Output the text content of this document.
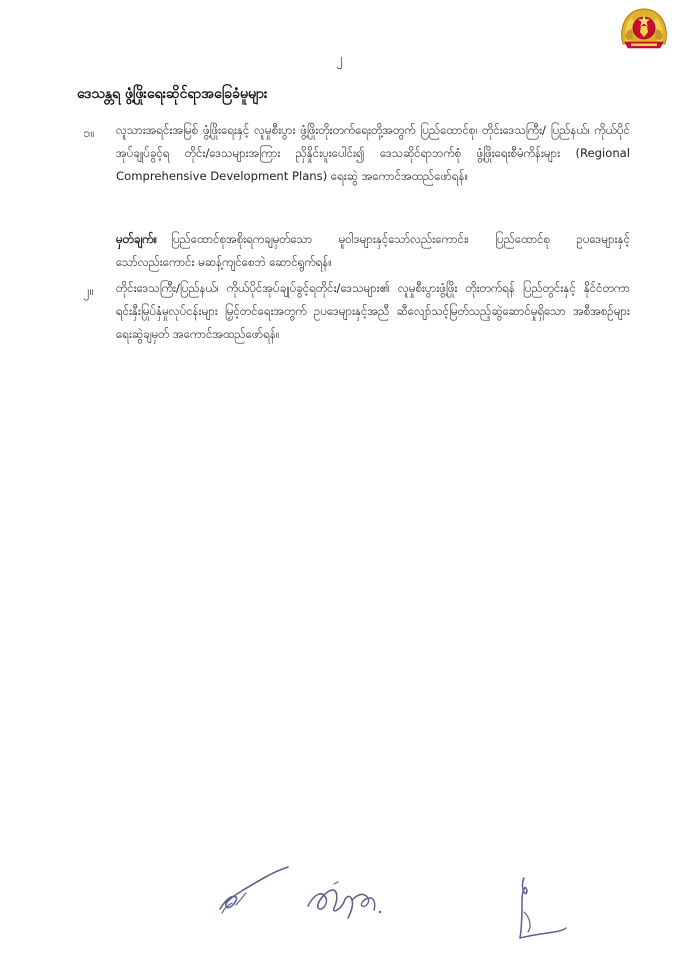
၂
ဒေသန္တရ ဖွံ့ဖြိုးရေးဆိုင်ရာအခြေခံမူများ
၁။ လူသားအရင်းအမြစ် ဖွံ့ဖြိုးရေးနှင့် လူမှုစီးပွား ဖွံ့ဖြိုးတိုးတက်ရေးတို့အတွက် ပြည်ထောင်စု၊ တိုင်းဒေသကြီး/ ပြည်နယ်၊ ကိုယ်ပိုင်အုပ်ချုပ်ခွင့်ရ တိုင်း/ဒေသများအကြား ညှိနှိုင်းပူးပေါင်း၍ ဒေသဆိုင်ရာဘက်စုံ ဖွံ့ဖြိုးရေးစီမံကိန်းများ (Regional Comprehensive Development Plans) ရေးဆွဲ အကောင်အထည်ဖော်ရန်။

မှတ်ချက်။ ပြည်ထောင်စုအစိုးရကချမှတ်သော မူဝါဒများနှင့်သော်လည်းကောင်း၊ ပြည်ထောင်စု ဥပဒေများနှင့်သော်လည်းကောင်း မဆန့်ကျင်စေဘဲ ဆောင်ရွက်ရန်။

၂။ တိုင်းဒေသကြီး/ပြည်နယ်၊ ကိုယ်ပိုင်အုပ်ချုပ်ခွင့်ရတိုင်း/ဒေသများ၏ လူမှုစီးပွားဖွံ့ဖြိုး တိုးတက်ရန် ပြည်တွင်းနှင့် နိုင်ငံတကာရင်းနှီးမြုပ်နှံမှုလုပ်ငန်းများ မြှင့်တင်ရေးအတွက် ဥပဒေများနှင့်အညီ ဆီလျော်သင့်မြတ်သည့်ဆွဲဆောင်မှုရှိသော အစီအစဉ်များ ရေးဆွဲချမှတ် အကောင်အထည်ဖော်ရန်။
